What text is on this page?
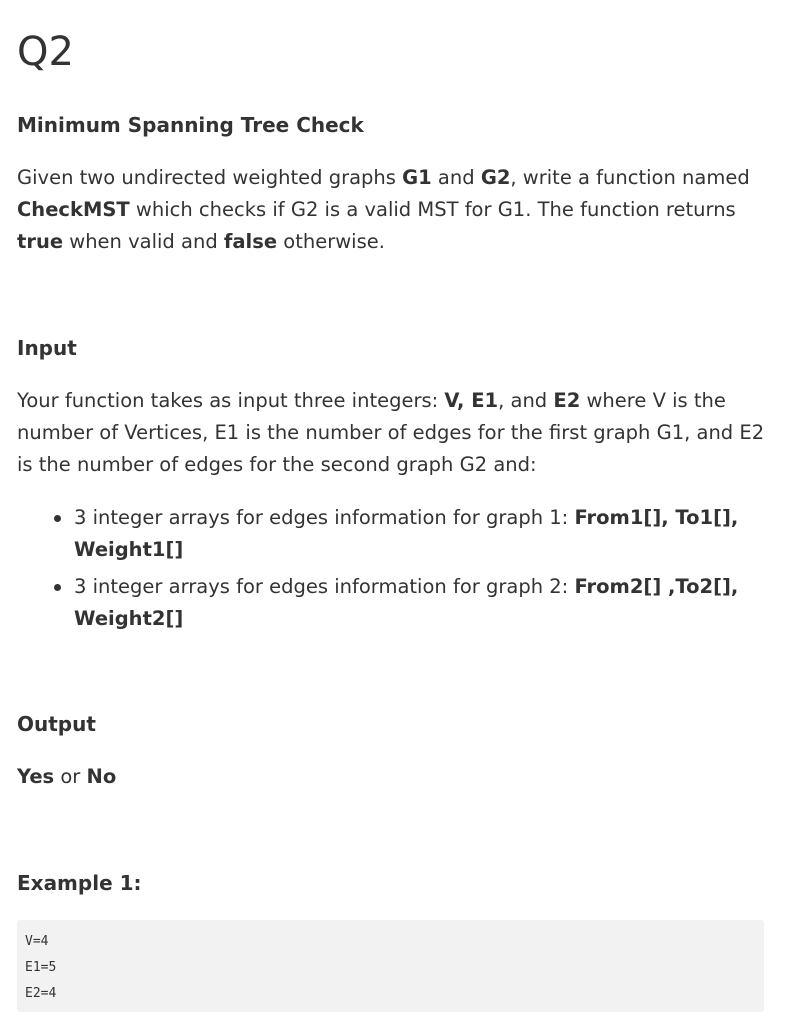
Q2
Minimum Spanning Tree Check

Given two undirected weighted graphs G1 and G2, write a function named
CheckMST which checks if G2 is a valid MST for G1. The function returns
true when valid and false otherwise.

Input

Your function takes as input three integers: V, E1, and E2 where V is the number of Vertices, E1 is the number of edges for the first graph G1, and E2 is the number of edges for the second graph G2 and:

3 integer arrays for edges information for graph 1: From1[], To1[], Weight1[]
3 integer arrays for edges information for graph 2: From2[] ,To2[], Weight2[]
Output

Yes or No

Example 1:
V=4
E1=5
E2=4
